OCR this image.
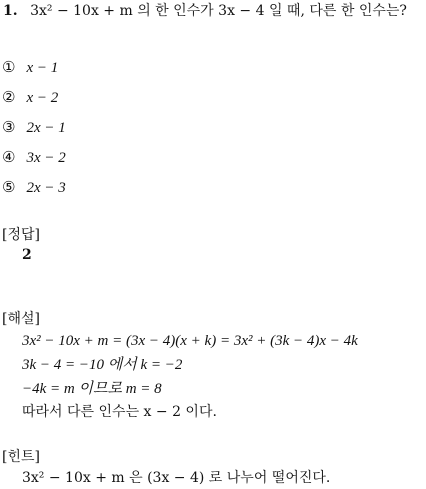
1. 3x² − 10x + m 의 한 인수가 3x − 4 일 때, 다른 한 인수는?
① x − 1
② x − 2
③ 2x − 1
④ 3x − 2
⑤ 2x − 3
[정답]
2
[해설]
3x² − 10x + m = (3x − 4)(x + k) = 3x² + (3k − 4)x − 4k
3k − 4 = −10 에서 k = −2
−4k = m 이므로 m = 8
따라서 다른 인수는 x − 2 이다.
[힌트]
3x² − 10x + m 은 (3x − 4) 로 나누어 떨어진다.
